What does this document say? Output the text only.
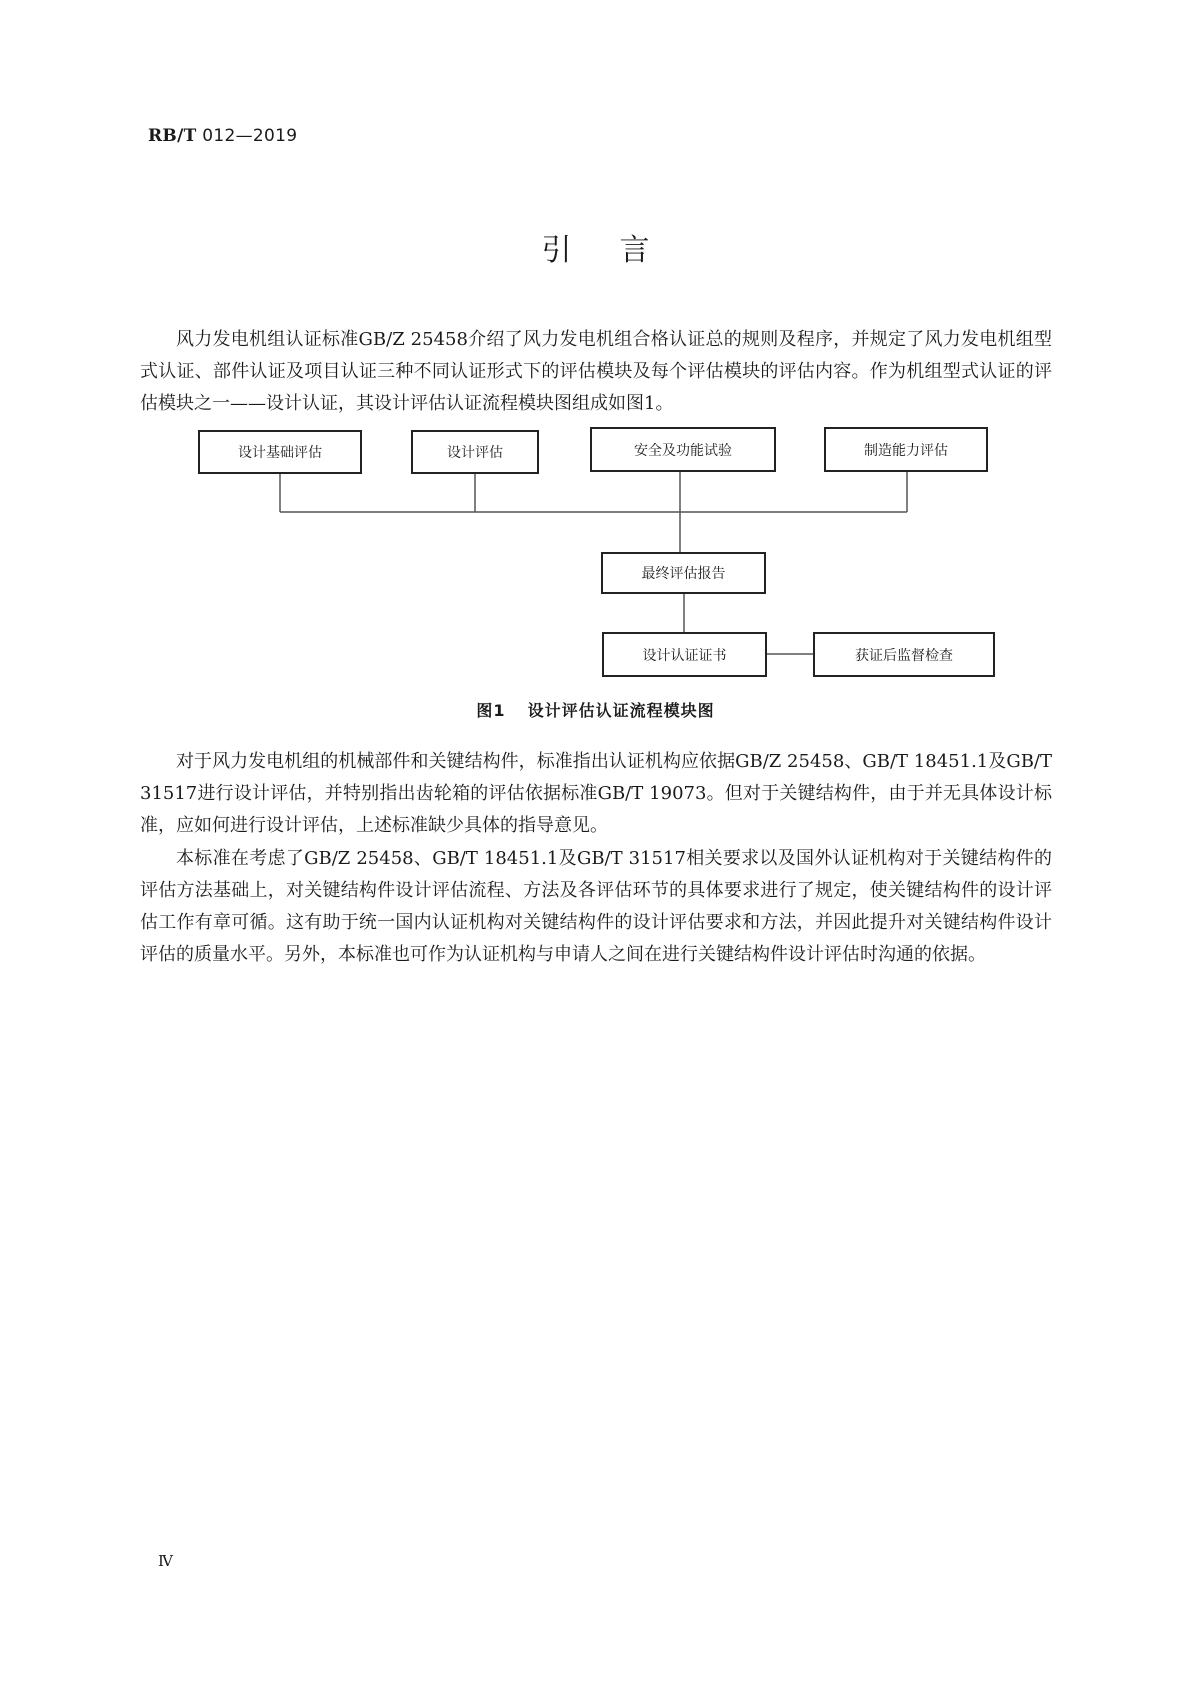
RB/T 012—2019
引言

风力发电机组认证标准GB/Z 25458介绍了风力发电机组合格认证总的规则及程序，并规定了风力发电机组型式认证、部件认证及项目认证三种不同认证形式下的评估模块及每个评估模块的评估内容。作为机组型式认证的评估模块之一——设计认证，其设计评估认证流程模块图组成如图1。

设计基础评估	设计评估	安全及功能试验	制造能力评估
最终评估报告
设计认证证书	获证后监督检查
图1 设计评估认证流程模块图

对于风力发电机组的机械部件和关键结构件，标准指出认证机构应依据GB/Z 25458、GB/T 18451.1及GB/T 31517进行设计评估，并特别指出齿轮箱的评估依据标准GB/T 19073。但对于关键结构件，由于并无具体设计标准，应如何进行设计评估，上述标准缺少具体的指导意见。

本标准在考虑了GB/Z 25458、GB/T 18451.1及GB/T 31517相关要求以及国外认证机构对于关键结构件的评估方法基础上，对关键结构件设计评估流程、方法及各评估环节的具体要求进行了规定，使关键结构件的设计评估工作有章可循。这有助于统一国内认证机构对关键结构件的设计评估要求和方法，并因此提升对关键结构件设计评估的质量水平。另外，本标准也可作为认证机构与申请人之间在进行关键结构件设计评估时沟通的依据。

Ⅳ
